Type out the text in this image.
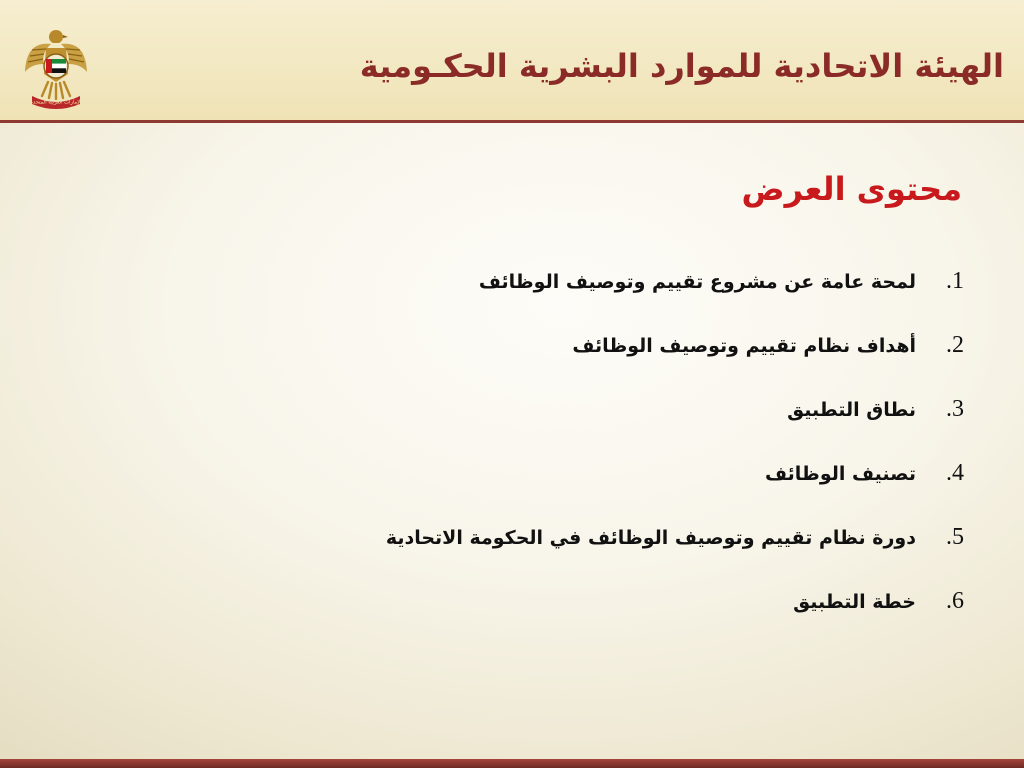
الإمارات العربية المتحدة
الهيئة الاتحادية للموارد البشرية الحكـومية
محتوى العرض
1.
لمحة عامة عن مشروع تقييم وتوصيف الوظائف
2.
أهداف نظام تقييم وتوصيف الوظائف
3.
نطاق التطبيق
4.
تصنيف الوظائف
5.
دورة نظام تقييم وتوصيف الوظائف في الحكومة الاتحادية
6.
خطة التطبيق
